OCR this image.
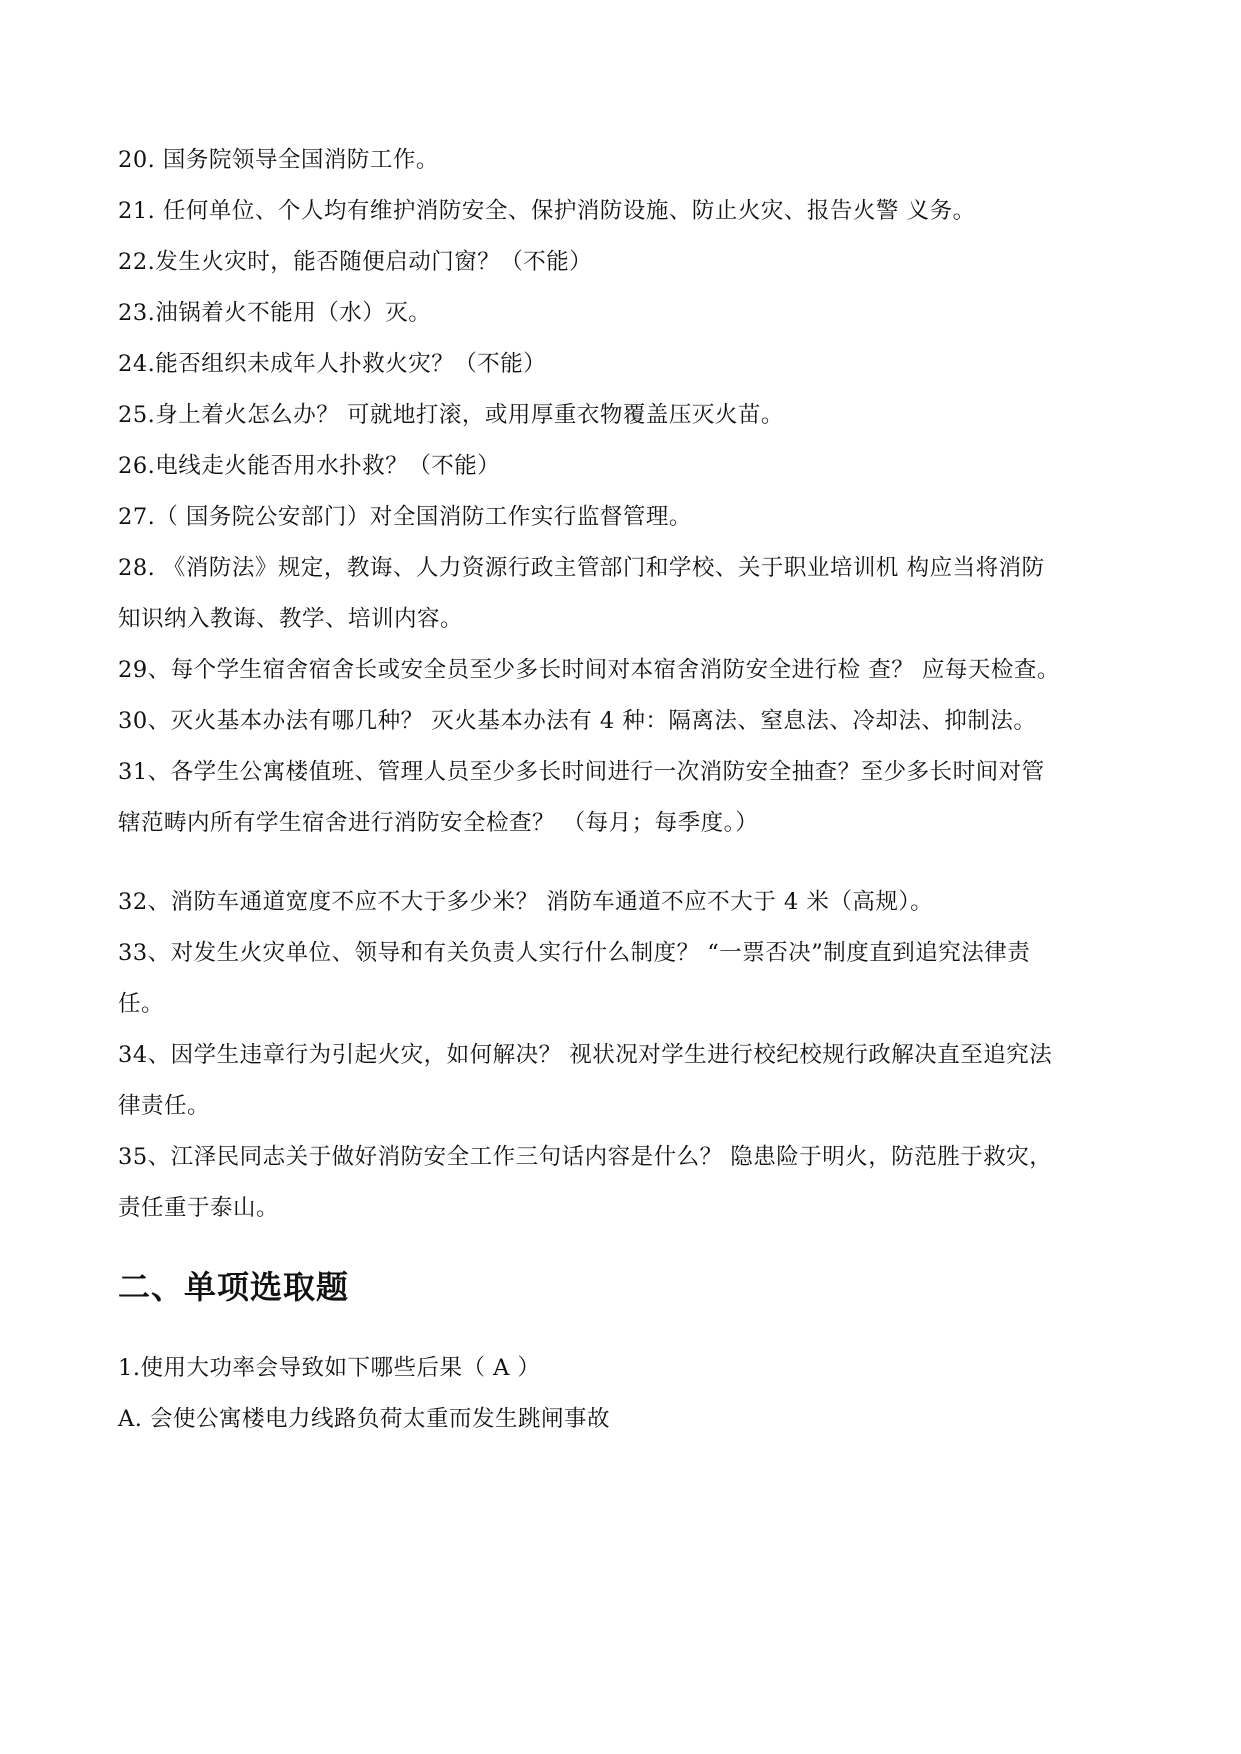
20. 国务院领导全国消防工作。
21. 任何单位、个人均有维护消防安全、保护消防设施、防止火灾、报告火警 义务。
22.发生火灾时，能否随便启动门窗？（不能）
23.油锅着火不能用（水）灭。
24.能否组织未成年人扑救火灾？（不能）
25.身上着火怎么办？ 可就地打滚，或用厚重衣物覆盖压灭火苗。
26.电线走火能否用水扑救？（不能）
27.（ 国务院公安部门）对全国消防工作实行监督管理。
28. 《消防法》规定，教诲、人力资源行政主管部门和学校、关于职业培训机 构应当将消防
知识纳入教诲、教学、培训内容。
29、每个学生宿舍宿舍长或安全员至少多长时间对本宿舍消防安全进行检 查？ 应每天检查。
30、灭火基本办法有哪几种？ 灭火基本办法有 4 种：隔离法、窒息法、冷却法、抑制法。
31、各学生公寓楼值班、管理人员至少多长时间进行一次消防安全抽查？至少多长时间对管
辖范畴内所有学生宿舍进行消防安全检查？ （每月；每季度。）
32、消防车通道宽度不应不大于多少米？ 消防车通道不应不大于 4 米（高规）。
33、对发生火灾单位、领导和有关负责人实行什么制度？ “一票否决”制度直到追究法律责
任。
34、因学生违章行为引起火灾，如何解决？ 视状况对学生进行校纪校规行政解决直至追究法
律责任。
35、江泽民同志关于做好消防安全工作三句话内容是什么？ 隐患险于明火，防范胜于救灾，
责任重于泰山。
二、单项选取题
1.使用大功率会导致如下哪些后果（ A ）
A. 会使公寓楼电力线路负荷太重而发生跳闸事故
